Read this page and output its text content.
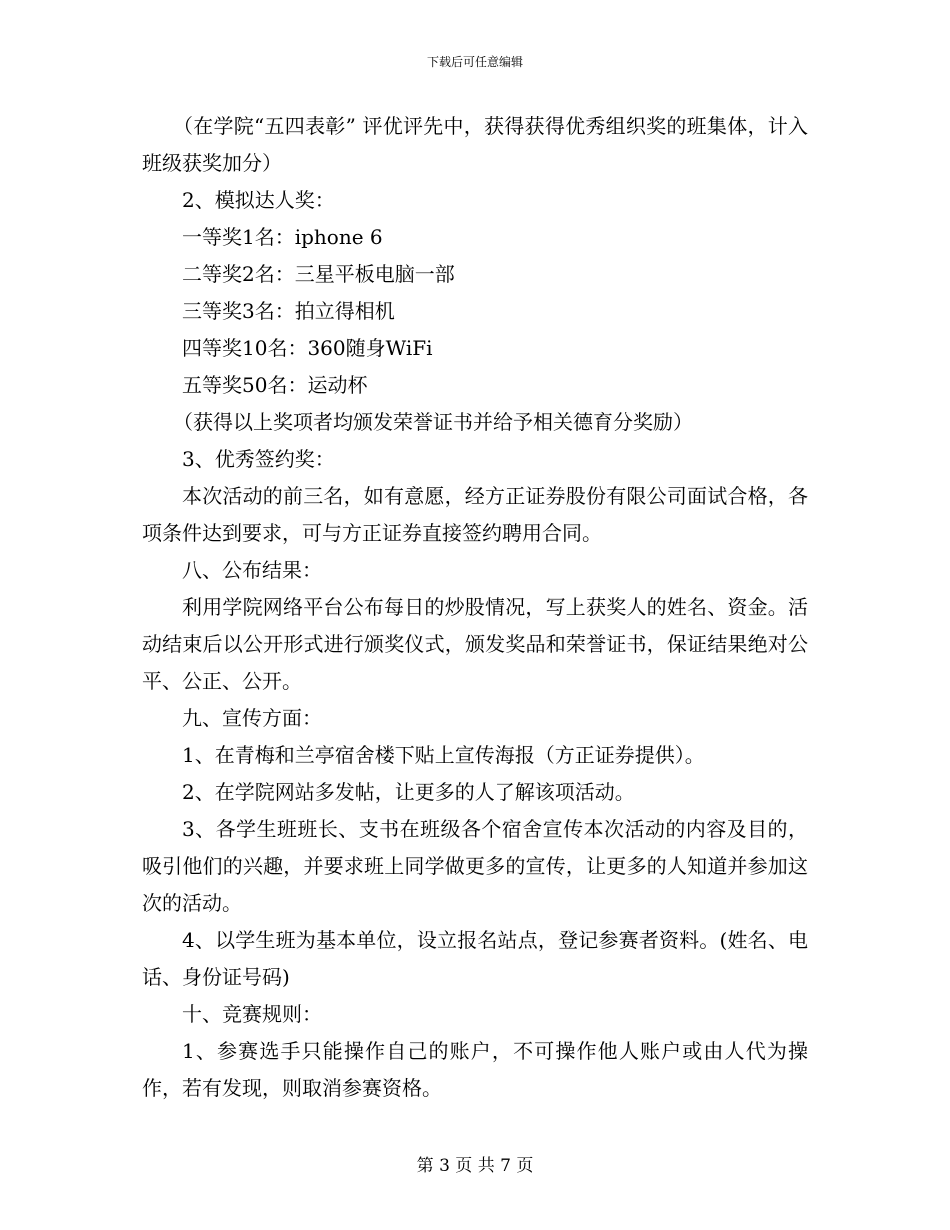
下载后可任意编辑

（在学院“五四表彰” 评优评先中，获得获得优秀组织奖的班集体，计入班级获奖加分）

2、模拟达人奖：

一等奖1名：iphone 6

二等奖2名：三星平板电脑一部

三等奖3名：拍立得相机

四等奖10名：360随身WiFi

五等奖50名：运动杯

（获得以上奖项者均颁发荣誉证书并给予相关德育分奖励）

3、优秀签约奖：

本次活动的前三名，如有意愿，经方正证券股份有限公司面试合格，各项条件达到要求，可与方正证券直接签约聘用合同。

八、公布结果：

利用学院网络平台公布每日的炒股情况，写上获奖人的姓名、资金。活动结束后以公开形式进行颁奖仪式，颁发奖品和荣誉证书，保证结果绝对公平、公正、公开。

九、宣传方面：

1、在青梅和兰亭宿舍楼下贴上宣传海报（方正证券提供）。

2、在学院网站多发帖，让更多的人了解该项活动。

3、各学生班班长、支书在班级各个宿舍宣传本次活动的内容及目的，吸引他们的兴趣，并要求班上同学做更多的宣传，让更多的人知道并参加这次的活动。

4、以学生班为基本单位，设立报名站点，登记参赛者资料。(姓名、电话、身份证号码)

十、竞赛规则：

1、参赛选手只能操作自己的账户，不可操作他人账户或由人代为操作，若有发现，则取消参赛资格。

第 3 页 共 7 页
